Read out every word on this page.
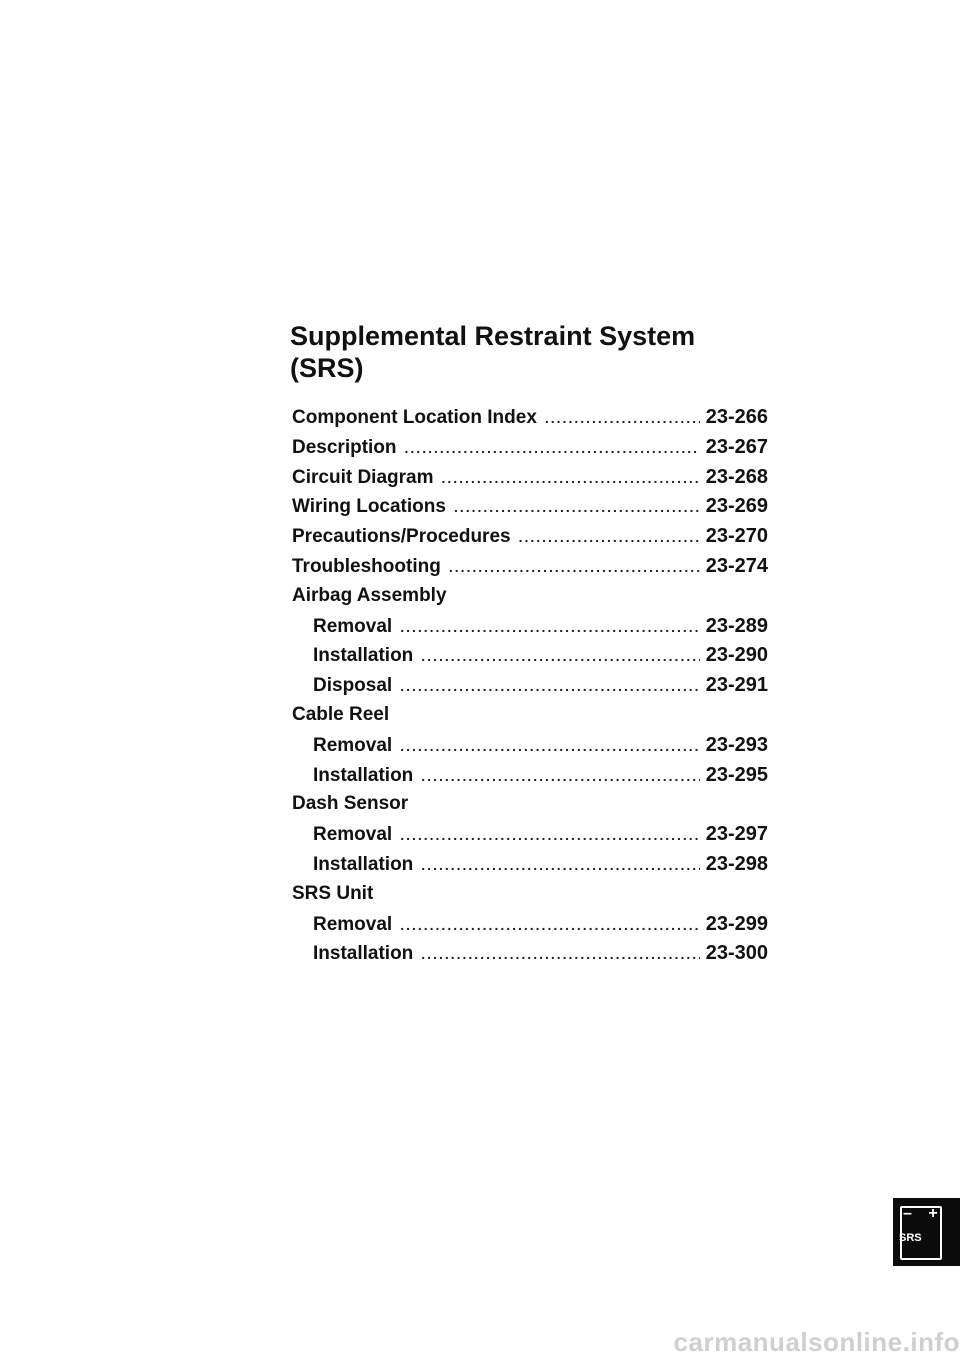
Supplemental Restraint System
(SRS)
Component Location Index .....	23-266
Description .....	23-267
Circuit Diagram .....	23-268
Wiring Locations .....	23-269
Precautions/Procedures .....	23-270
Troubleshooting .....	23-274
Airbag Assembly
Removal .....	23-289
Installation .....	23-290
Disposal .....	23-291
Cable Reel
Removal .....	23-293
Installation .....	23-295
Dash Sensor
Removal .....	23-297
Installation .....	23-298
SRS Unit
Removal .....	23-299
Installation .....	23-300
– +
SRS
carmanualsonline.info
